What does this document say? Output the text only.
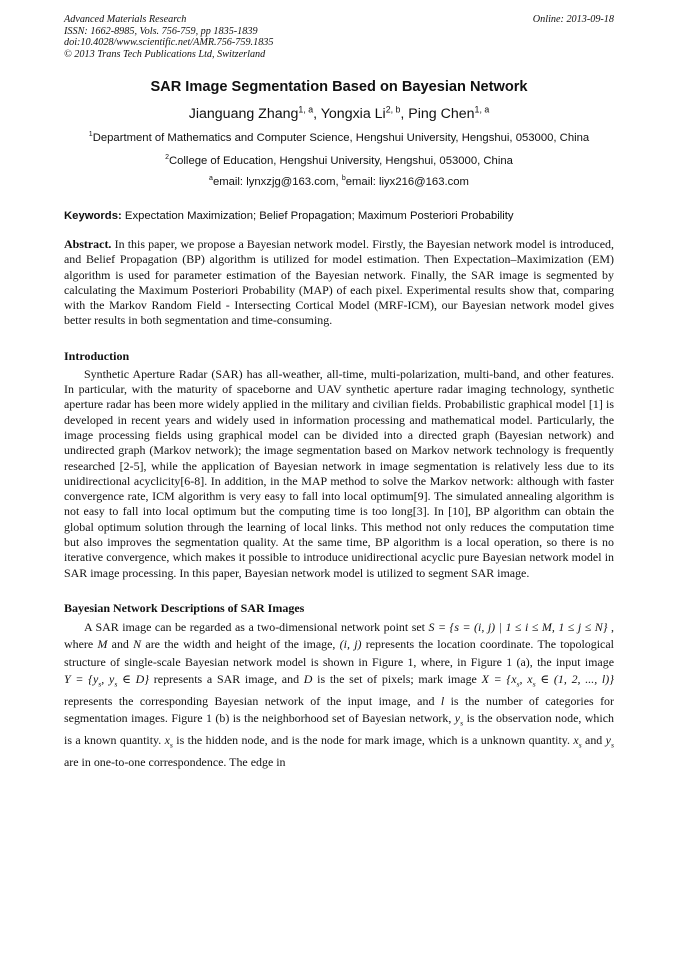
Advanced Materials Research
ISSN: 1662-8985, Vols. 756-759, pp 1835-1839
doi:10.4028/www.scientific.net/AMR.756-759.1835
© 2013 Trans Tech Publications Ltd, Switzerland
Online: 2013-09-18
SAR Image Segmentation Based on Bayesian Network
Jianguang Zhang$^{1, a}$, Yongxia Li$^{2, b}$, Ping Chen$^{1, a}$
$^1$Department of Mathematics and Computer Science, Hengshui University, Hengshui, 053000, China
$^2$College of Education, Hengshui University, Hengshui, 053000, China
$^a$email: lynxzjg@163.com, $^b$email: liyx216@163.com
Keywords: Expectation Maximization; Belief Propagation; Maximum Posteriori Probability
Abstract. In this paper, we propose a Bayesian network model. Firstly, the Bayesian network model is introduced, and Belief Propagation (BP) algorithm is utilized for model estimation. Then Expectation–Maximization (EM) algorithm is used for parameter estimation of the Bayesian network. Finally, the SAR image is segmented by calculating the Maximum Posteriori Probability (MAP) of each pixel. Experimental results show that, comparing with the Markov Random Field - Intersecting Cortical Model (MRF-ICM), our Bayesian network model gives better results in both segmentation and time-consuming.
Introduction

Synthetic Aperture Radar (SAR) has all-weather, all-time, multi-polarization, multi-band, and other features. In particular, with the maturity of spaceborne and UAV synthetic aperture radar imaging technology, synthetic aperture radar has been more widely applied in the military and civilian fields. Probabilistic graphical model [1] is developed in recent years and widely used in information processing and mathematical model. Particularly, the image processing fields using graphical model can be divided into a directed graph (Bayesian network) and undirected graph (Markov network); the image segmentation based on Markov network technology is frequently researched [2-5], while the application of Bayesian network in image segmentation is relatively less due to its unidirectional acyclicity[6-8]. In addition, in the MAP method to solve the Markov network: although with faster convergence rate, ICM algorithm is very easy to fall into local optimum[9]. The simulated annealing algorithm is not easy to fall into local optimum but the computing time is too long[3]. In [10], BP algorithm can obtain the global optimum solution through the learning of local links. This method not only reduces the computation time but also improves the segmentation quality. At the same time, BP algorithm is a local operation, so there is no iterative convergence, which makes it possible to introduce unidirectional acyclic pure Bayesian network model in SAR image processing. In this paper, Bayesian network model is utilized to segment SAR image.

Bayesian Network Descriptions of SAR Images

A SAR image can be regarded as a two-dimensional network point set S = {s = (i, j) | 1 ≤ i ≤ M, 1 ≤ j ≤ N} , where M and N are the width and height of the image, (i, j) represents the location coordinate. The topological structure of single-scale Bayesian network model is shown in Figure 1, where, in Figure 1 (a), the input image $Y = \{y_s$, $y_s$ ∈ D} represents a SAR image, and D is the set of pixels; mark image $X = \{x_s$, $x_s$ ∈ (1, 2, ..., l)} represents the corresponding Bayesian network of the input image, and l is the number of categories for segmentation images. Figure 1 (b) is the neighborhood set of Bayesian network, $y_s$ is the observation node, which is a known quantity. $x_s$ is the hidden node, and is the node for mark image, which is a unknown quantity. $x_s$ and $y_s$ are in one-to-one correspondence. The edge in
